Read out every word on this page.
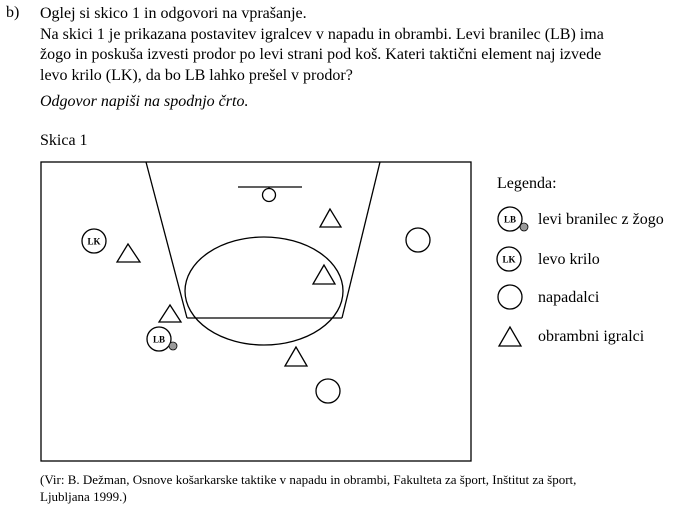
b) Oglej si skico 1 in odgovori na vprašanje.
Na skici 1 je prikazana postavitev igralcev v napadu in obrambi. Levi branilec (LB) ima
žogo in poskuša izvesti prodor po levi strani pod koš. Kateri taktični element naj izvede
levo krilo (LK), da bo LB lahko prešel v prodor?
Odgovor napiši na spodnjo črto.
Skica 1
LK
LB
LB
LK
Legenda:
levi branilec z žogo
levo krilo
napadalci
obrambni igralci
(Vir: B. Dežman, Osnove košarkarske taktike v napadu in obrambi, Fakulteta za šport, Inštitut za šport,
Ljubljana 1999.)
